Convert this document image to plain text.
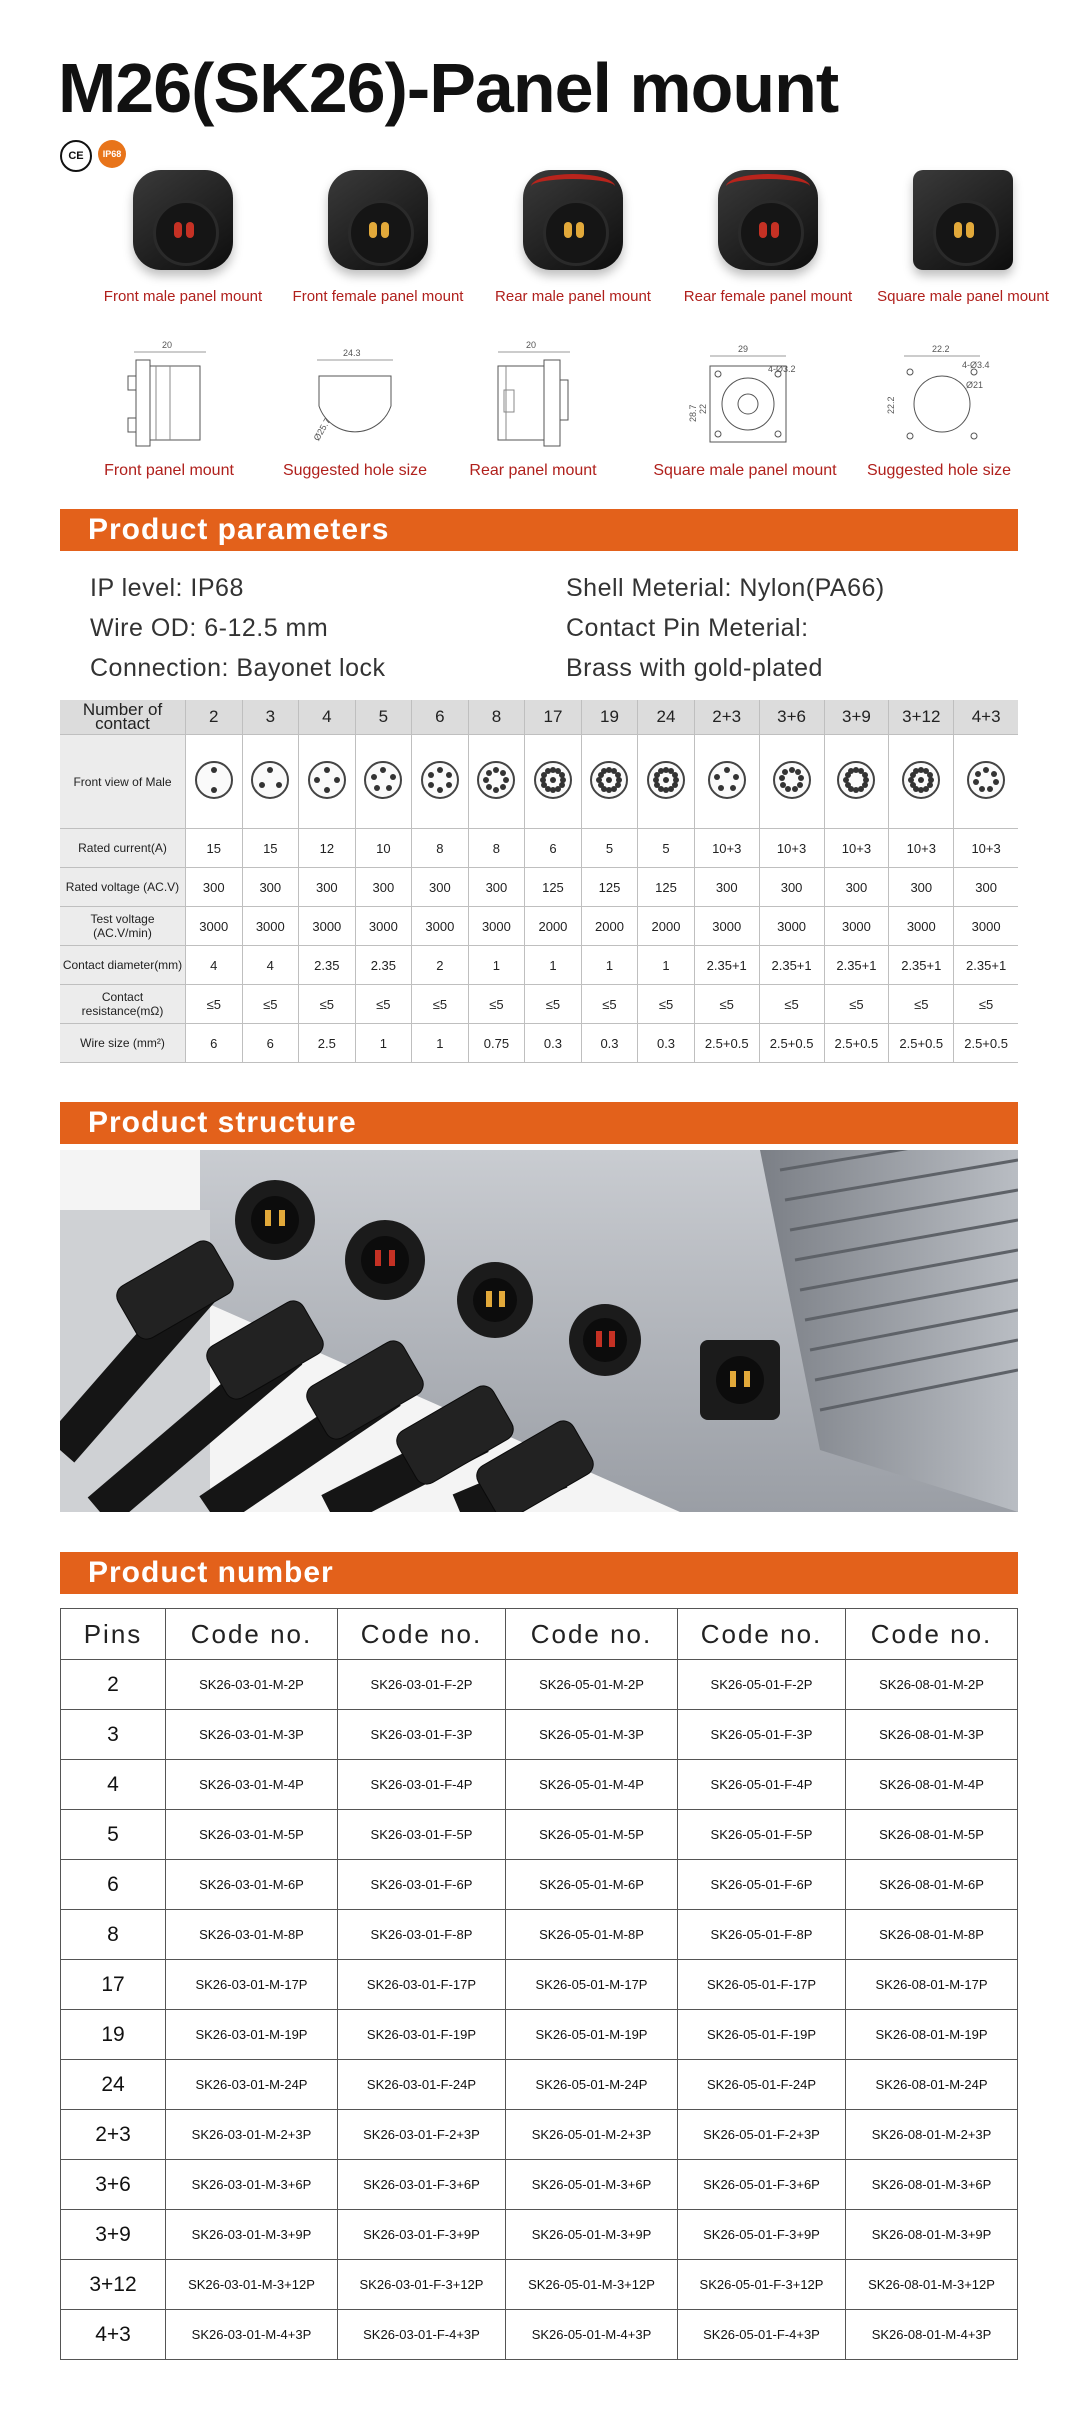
M26(SK26)-Panel mount
CE	IP68
Front male panel mount	Front female panel mount	Rear male panel mount	Rear female panel mount	Square male panel mount
20
Front panel mount
24.3
Ø25.7
Suggested hole size
20
Rear panel mount
29
4-Ø3.2
28.7 22
Square male panel mount
22.2
4-Ø3.4
Ø21
22.2
Suggested hole size
Product parameters
IP level: IP68
Wire OD: 6-12.5 mm
Connection: Bayonet lock
Shell Meterial: Nylon(PA66)
Contact Pin Meterial:
Brass with gold-plated
Number of contact	2	3	4	5	6	8	17	19	24	2+3	3+6	3+9	3+12	4+3
Front view of Male	

Rated current(A)	15	15	12	10	8	8	6	5	5	10+3	10+3	10+3	10+3	10+3
Rated voltage (AC.V)	300	300	300	300	300	300	125	125	125	300	300	300	300	300
Test voltage (AC.V/min)	3000	3000	3000	3000	3000	3000	2000	2000	2000	3000	3000	3000	3000	3000
Contact diameter(mm)	4	4	2.35	2.35	2	1	1	1	1	2.35+1	2.35+1	2.35+1	2.35+1	2.35+1
Contact resistance(mΩ)	≤5	≤5	≤5	≤5	≤5	≤5	≤5	≤5	≤5	≤5	≤5	≤5	≤5	≤5
Wire size (mm²)	6	6	2.5	1	1	0.75	0.3	0.3	0.3	2.5+0.5	2.5+0.5	2.5+0.5	2.5+0.5	2.5+0.5
Product structure
Product number
Pins	Code no.	Code no.	Code no.	Code no.	Code no.
2	SK26-03-01-M-2P	SK26-03-01-F-2P	SK26-05-01-M-2P	SK26-05-01-F-2P	SK26-08-01-M-2P
3	SK26-03-01-M-3P	SK26-03-01-F-3P	SK26-05-01-M-3P	SK26-05-01-F-3P	SK26-08-01-M-3P
4	SK26-03-01-M-4P	SK26-03-01-F-4P	SK26-05-01-M-4P	SK26-05-01-F-4P	SK26-08-01-M-4P
5	SK26-03-01-M-5P	SK26-03-01-F-5P	SK26-05-01-M-5P	SK26-05-01-F-5P	SK26-08-01-M-5P
6	SK26-03-01-M-6P	SK26-03-01-F-6P	SK26-05-01-M-6P	SK26-05-01-F-6P	SK26-08-01-M-6P
8	SK26-03-01-M-8P	SK26-03-01-F-8P	SK26-05-01-M-8P	SK26-05-01-F-8P	SK26-08-01-M-8P
17	SK26-03-01-M-17P	SK26-03-01-F-17P	SK26-05-01-M-17P	SK26-05-01-F-17P	SK26-08-01-M-17P
19	SK26-03-01-M-19P	SK26-03-01-F-19P	SK26-05-01-M-19P	SK26-05-01-F-19P	SK26-08-01-M-19P
24	SK26-03-01-M-24P	SK26-03-01-F-24P	SK26-05-01-M-24P	SK26-05-01-F-24P	SK26-08-01-M-24P
2+3	SK26-03-01-M-2+3P	SK26-03-01-F-2+3P	SK26-05-01-M-2+3P	SK26-05-01-F-2+3P	SK26-08-01-M-2+3P
3+6	SK26-03-01-M-3+6P	SK26-03-01-F-3+6P	SK26-05-01-M-3+6P	SK26-05-01-F-3+6P	SK26-08-01-M-3+6P
3+9	SK26-03-01-M-3+9P	SK26-03-01-F-3+9P	SK26-05-01-M-3+9P	SK26-05-01-F-3+9P	SK26-08-01-M-3+9P
3+12	SK26-03-01-M-3+12P	SK26-03-01-F-3+12P	SK26-05-01-M-3+12P	SK26-05-01-F-3+12P	SK26-08-01-M-3+12P
4+3	SK26-03-01-M-4+3P	SK26-03-01-F-4+3P	SK26-05-01-M-4+3P	SK26-05-01-F-4+3P	SK26-08-01-M-4+3P
